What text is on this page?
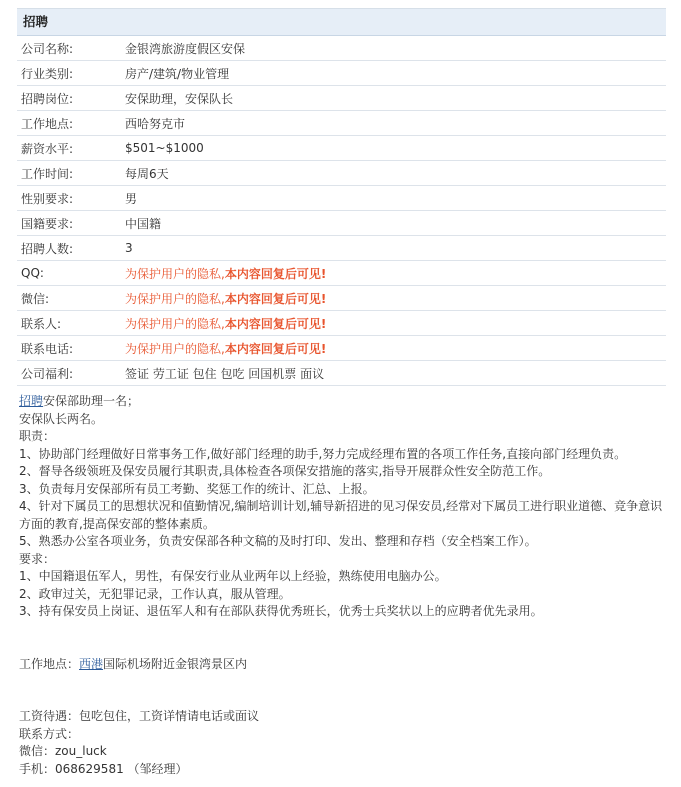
招聘
公司名称:	金银湾旅游度假区安保
行业类别:	房产/建筑/物业管理
招聘岗位:	安保助理，安保队长
工作地点:	西哈努克市
薪资水平:	$501~$1000
工作时间:	每周6天
性别要求:	男
国籍要求:	中国籍
招聘人数:	3
QQ:	为保护用户的隐私,本内容回复后可见!
微信:	为保护用户的隐私,本内容回复后可见!
联系人:	为保护用户的隐私,本内容回复后可见!
联系电话:	为保护用户的隐私,本内容回复后可见!
公司福利:	签证 劳工证 包住 包吃 回国机票 面议

招聘安保部助理一名；

安保队长两名。

职责：

1、协助部门经理做好日常事务工作,做好部门经理的助手,努力完成经理布置的各项工作任务,直接向部门经理负责。

2、督导各级领班及保安员履行其职责,具体检查各项保安措施的落实,指导开展群众性安全防范工作。

3、负责每月安保部所有员工考勤、奖惩工作的统计、汇总、上报。

4、针对下属员工的思想状况和值勤情况,编制培训计划,辅导新招进的见习保安员,经常对下属员工进行职业道德、竞争意识方面的教育,提高保安部的整体素质。

5、熟悉办公室各项业务，负责安保部各种文稿的及时打印、发出、整理和存档（安全档案工作）。

要求：

1、中国籍退伍军人，男性，有保安行业从业两年以上经验，熟练使用电脑办公。

2、政审过关，无犯罪记录，工作认真，服从管理。

3、持有保安员上岗证、退伍军人和有在部队获得优秀班长，优秀士兵奖状以上的应聘者优先录用。

工作地点：西港国际机场附近金银湾景区内

工资待遇：包吃包住，工资详情请电话或面议

联系方式：

微信：zou_luck

手机：068629581 （邹经理）
